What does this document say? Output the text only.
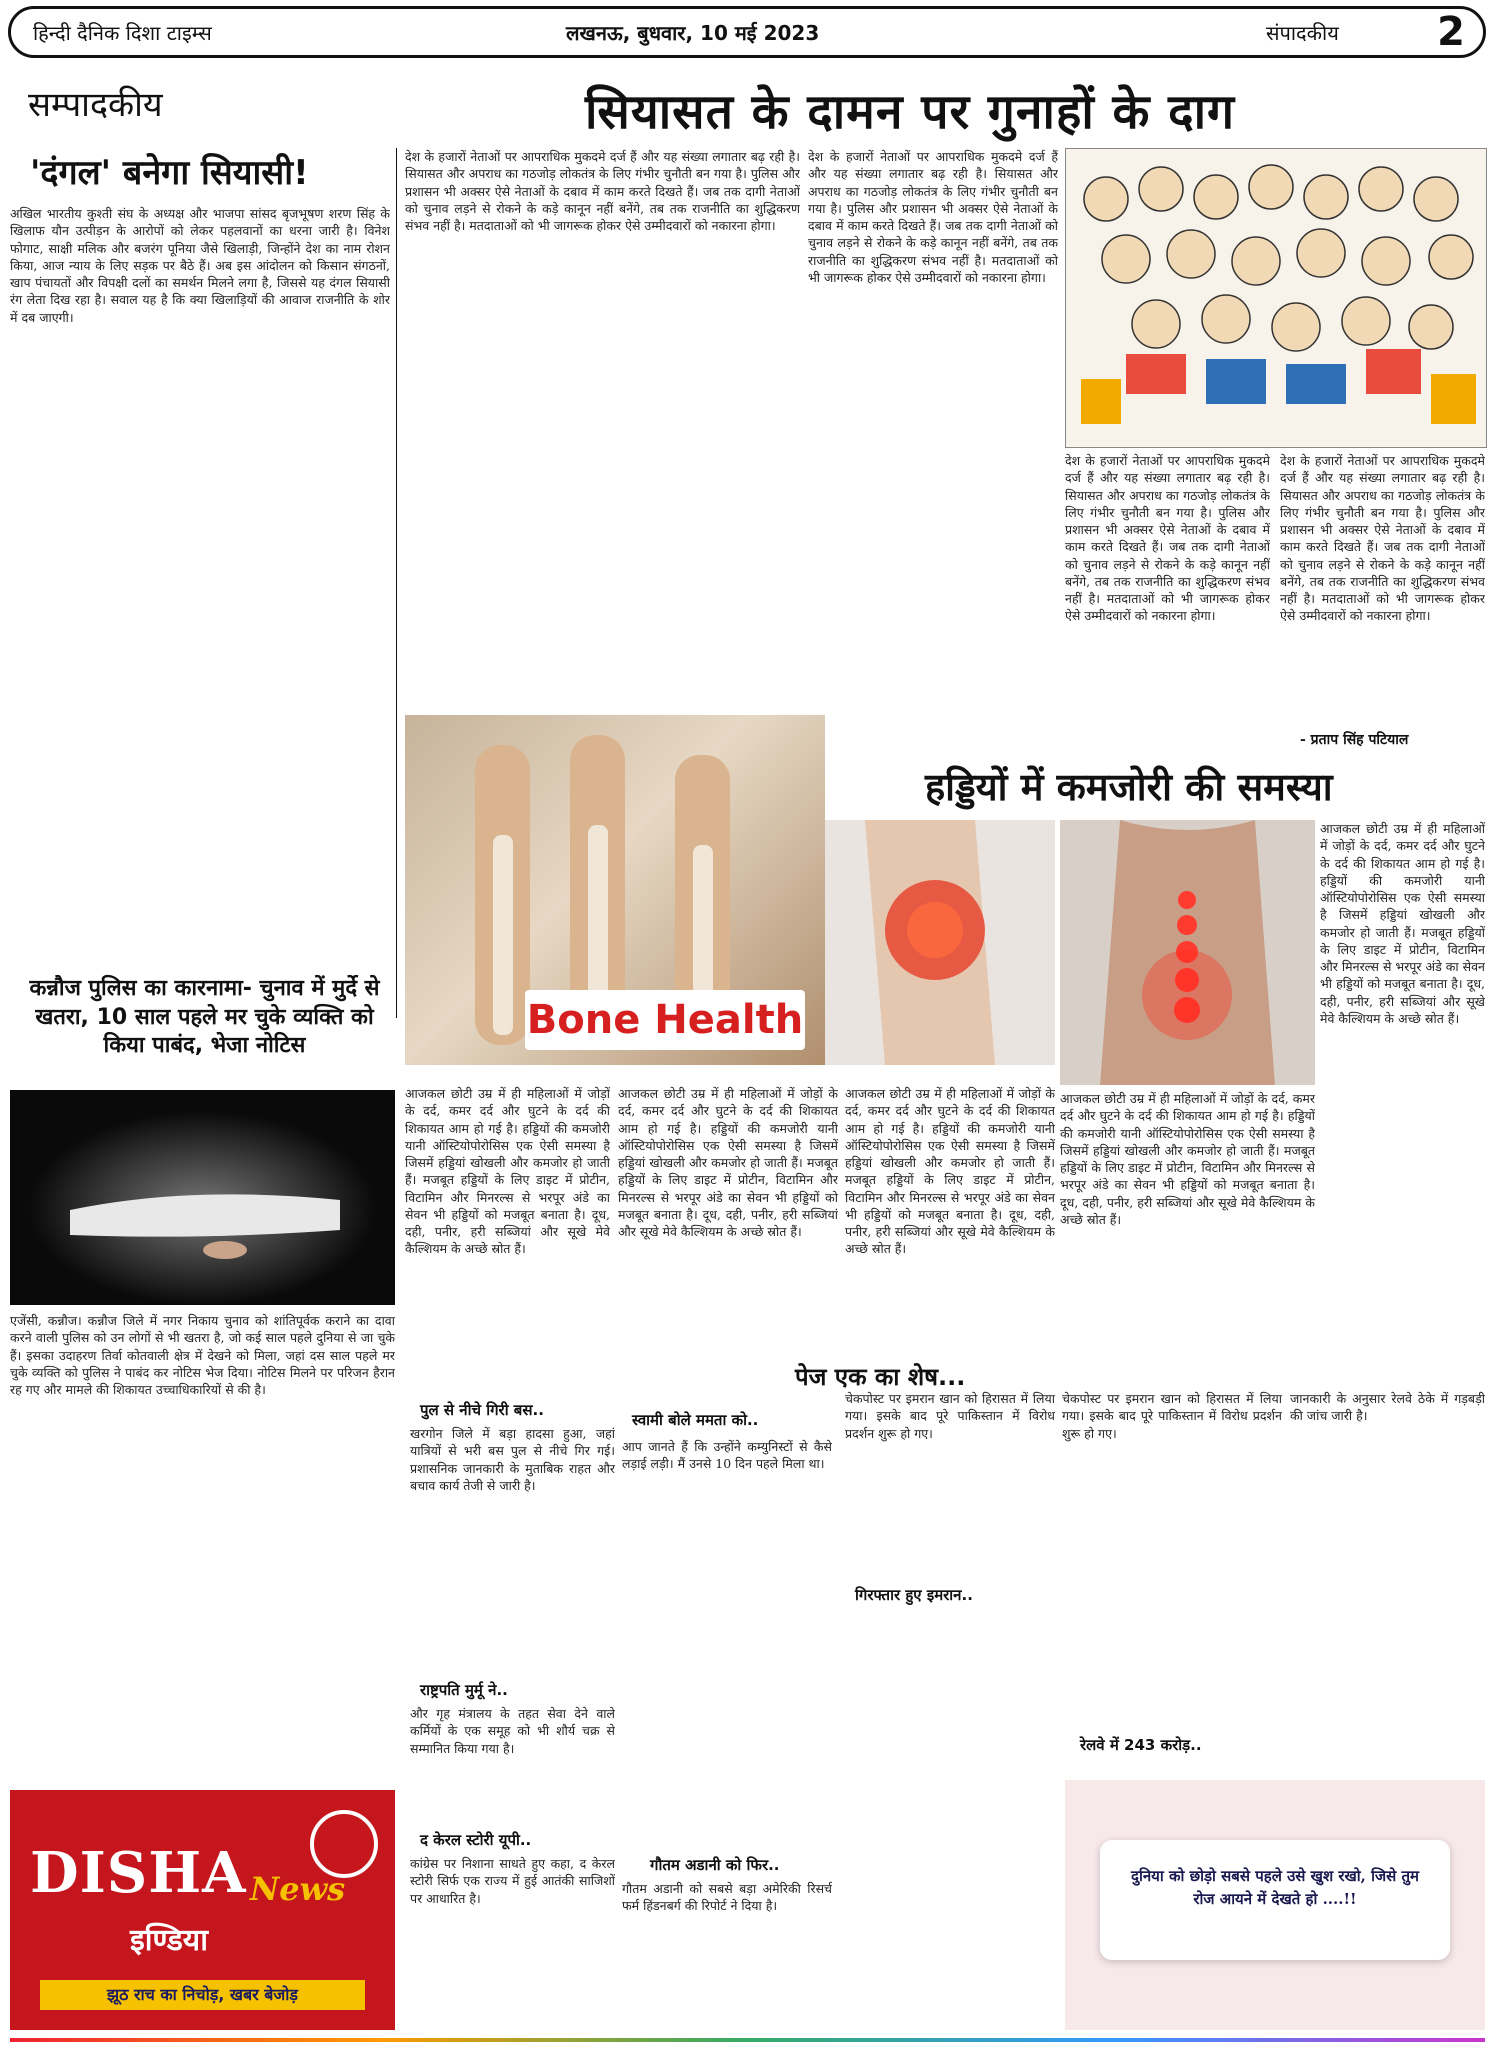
हिन्दी दैनिक दिशा टाइम्स	लखनऊ, बुधवार, 10 मई 2023	संपादकीय 2
सम्पादकीय	सियासत के दामन पर गुनाहों के दाग
'दंगल' बनेगा सियासी!
अखिल भारतीय कुश्ती संघ के अध्यक्ष और भाजपा सांसद बृजभूषण शरण सिंह के खिलाफ यौन उत्पीड़न के आरोपों को लेकर पहलवानों का धरना जारी है। विनेश फोगाट, साक्षी मलिक और बजरंग पूनिया जैसे खिलाड़ी, जिन्होंने देश का नाम रोशन किया, आज न्याय के लिए सड़क पर बैठे हैं। अब इस आंदोलन को किसान संगठनों, खाप पंचायतों और विपक्षी दलों का समर्थन मिलने लगा है, जिससे यह दंगल सियासी रंग लेता दिख रहा है। सवाल यह है कि क्या खिलाड़ियों की आवाज राजनीति के शोर में दब जाएगी।
कन्नौज पुलिस का कारनामा- चुनाव में मुर्दे से खतरा, 10 साल पहले मर चुके व्यक्ति को किया पाबंद, भेजा नोटिस
एजेंसी, कन्नौज। कन्नौज जिले में नगर निकाय चुनाव को शांतिपूर्वक कराने का दावा करने वाली पुलिस को उन लोगों से भी खतरा है, जो कई साल पहले दुनिया से जा चुके हैं। इसका उदाहरण तिर्वा कोतवाली क्षेत्र में देखने को मिला, जहां दस साल पहले मर चुके व्यक्ति को पुलिस ने पाबंद कर नोटिस भेज दिया। नोटिस मिलने पर परिजन हैरान रह गए और मामले की शिकायत उच्चाधिकारियों से की है।
DISHA News
इण्डिया
झूठ राच का निचोड़, खबर बेजोड़
देश के हजारों नेताओं पर आपराधिक मुकदमे दर्ज हैं और यह संख्या लगातार बढ़ रही है। सियासत और अपराध का गठजोड़ लोकतंत्र के लिए गंभीर चुनौती बन गया है। पुलिस और प्रशासन भी अक्सर ऐसे नेताओं के दबाव में काम करते दिखते हैं। जब तक दागी नेताओं को चुनाव लड़ने से रोकने के कड़े कानून नहीं बनेंगे, तब तक राजनीति का शुद्धिकरण संभव नहीं है। मतदाताओं को भी जागरूक होकर ऐसे उम्मीदवारों को नकारना होगा।
देश के हजारों नेताओं पर आपराधिक मुकदमे दर्ज हैं और यह संख्या लगातार बढ़ रही है। सियासत और अपराध का गठजोड़ लोकतंत्र के लिए गंभीर चुनौती बन गया है। पुलिस और प्रशासन भी अक्सर ऐसे नेताओं के दबाव में काम करते दिखते हैं। जब तक दागी नेताओं को चुनाव लड़ने से रोकने के कड़े कानून नहीं बनेंगे, तब तक राजनीति का शुद्धिकरण संभव नहीं है। मतदाताओं को भी जागरूक होकर ऐसे उम्मीदवारों को नकारना होगा।
देश के हजारों नेताओं पर आपराधिक मुकदमे दर्ज हैं और यह संख्या लगातार बढ़ रही है। सियासत और अपराध का गठजोड़ लोकतंत्र के लिए गंभीर चुनौती बन गया है। पुलिस और प्रशासन भी अक्सर ऐसे नेताओं के दबाव में काम करते दिखते हैं। जब तक दागी नेताओं को चुनाव लड़ने से रोकने के कड़े कानून नहीं बनेंगे, तब तक राजनीति का शुद्धिकरण संभव नहीं है। मतदाताओं को भी जागरूक होकर ऐसे उम्मीदवारों को नकारना होगा।
देश के हजारों नेताओं पर आपराधिक मुकदमे दर्ज हैं और यह संख्या लगातार बढ़ रही है। सियासत और अपराध का गठजोड़ लोकतंत्र के लिए गंभीर चुनौती बन गया है। पुलिस और प्रशासन भी अक्सर ऐसे नेताओं के दबाव में काम करते दिखते हैं। जब तक दागी नेताओं को चुनाव लड़ने से रोकने के कड़े कानून नहीं बनेंगे, तब तक राजनीति का शुद्धिकरण संभव नहीं है। मतदाताओं को भी जागरूक होकर ऐसे उम्मीदवारों को नकारना होगा।
- प्रताप सिंह पटियाल
हड्डियों में कमजोरी की समस्या
Bone Health
आजकल छोटी उम्र में ही महिलाओं में जोड़ों के दर्द, कमर दर्द और घुटने के दर्द की शिकायत आम हो गई है। हड्डियों की कमजोरी यानी ऑस्टियोपोरोसिस एक ऐसी समस्या है जिसमें हड्डियां खोखली और कमजोर हो जाती हैं। मजबूत हड्डियों के लिए डाइट में प्रोटीन, विटामिन और मिनरल्स से भरपूर अंडे का सेवन भी हड्डियों को मजबूत बनाता है। दूध, दही, पनीर, हरी सब्जियां और सूखे मेवे कैल्शियम के अच्छे स्रोत हैं।
आजकल छोटी उम्र में ही महिलाओं में जोड़ों के दर्द, कमर दर्द और घुटने के दर्द की शिकायत आम हो गई है। हड्डियों की कमजोरी यानी ऑस्टियोपोरोसिस एक ऐसी समस्या है जिसमें हड्डियां खोखली और कमजोर हो जाती हैं। मजबूत हड्डियों के लिए डाइट में प्रोटीन, विटामिन और मिनरल्स से भरपूर अंडे का सेवन भी हड्डियों को मजबूत बनाता है। दूध, दही, पनीर, हरी सब्जियां और सूखे मेवे कैल्शियम के अच्छे स्रोत हैं।
आजकल छोटी उम्र में ही महिलाओं में जोड़ों के दर्द, कमर दर्द और घुटने के दर्द की शिकायत आम हो गई है। हड्डियों की कमजोरी यानी ऑस्टियोपोरोसिस एक ऐसी समस्या है जिसमें हड्डियां खोखली और कमजोर हो जाती हैं। मजबूत हड्डियों के लिए डाइट में प्रोटीन, विटामिन और मिनरल्स से भरपूर अंडे का सेवन भी हड्डियों को मजबूत बनाता है। दूध, दही, पनीर, हरी सब्जियां और सूखे मेवे कैल्शियम के अच्छे स्रोत हैं।
आजकल छोटी उम्र में ही महिलाओं में जोड़ों के दर्द, कमर दर्द और घुटने के दर्द की शिकायत आम हो गई है। हड्डियों की कमजोरी यानी ऑस्टियोपोरोसिस एक ऐसी समस्या है जिसमें हड्डियां खोखली और कमजोर हो जाती हैं। मजबूत हड्डियों के लिए डाइट में प्रोटीन, विटामिन और मिनरल्स से भरपूर अंडे का सेवन भी हड्डियों को मजबूत बनाता है। दूध, दही, पनीर, हरी सब्जियां और सूखे मेवे कैल्शियम के अच्छे स्रोत हैं।
आजकल छोटी उम्र में ही महिलाओं में जोड़ों के दर्द, कमर दर्द और घुटने के दर्द की शिकायत आम हो गई है। हड्डियों की कमजोरी यानी ऑस्टियोपोरोसिस एक ऐसी समस्या है जिसमें हड्डियां खोखली और कमजोर हो जाती हैं। मजबूत हड्डियों के लिए डाइट में प्रोटीन, विटामिन और मिनरल्स से भरपूर अंडे का सेवन भी हड्डियों को मजबूत बनाता है। दूध, दही, पनीर, हरी सब्जियां और सूखे मेवे कैल्शियम के अच्छे स्रोत हैं।
पेज एक का शेष...
पुल से नीचे गिरी बस..
खरगोन जिले में बड़ा हादसा हुआ, जहां यात्रियों से भरी बस पुल से नीचे गिर गई। प्रशासनिक जानकारी के मुताबिक राहत और बचाव कार्य तेजी से जारी है।
राष्ट्रपति मुर्मू ने..
और गृह मंत्रालय के तहत सेवा देने वाले कर्मियों के एक समूह को भी शौर्य चक्र से सम्मानित किया गया है।
द केरल स्टोरी यूपी..
कांग्रेस पर निशाना साधते हुए कहा, द केरल स्टोरी सिर्फ एक राज्य में हुई आतंकी साजिशों पर आधारित है।
स्वामी बोले ममता को..
आप जानते हैं कि उन्होंने कम्युनिस्टों से कैसे लड़ाई लड़ी। मैं उनसे 10 दिन पहले मिला था।
गौतम अडानी को फिर..
गौतम अडानी को सबसे बड़ा अमेरिकी रिसर्च फर्म हिंडनबर्ग की रिपोर्ट ने दिया है।
गिरफ्तार हुए इमरान..
चेकपोस्ट पर इमरान खान को हिरासत में लिया गया। इसके बाद पूरे पाकिस्तान में विरोध प्रदर्शन शुरू हो गए।
चेकपोस्ट पर इमरान खान को हिरासत में लिया गया। इसके बाद पूरे पाकिस्तान में विरोध प्रदर्शन शुरू हो गए।
रेलवे में 243 करोड़..
जानकारी के अनुसार रेलवे ठेके में गड़बड़ी की जांच जारी है।
दुनिया को छोड़ो सबसे पहले उसे खुश रखो, जिसे तुम रोज आयने में देखते हो ....!!
